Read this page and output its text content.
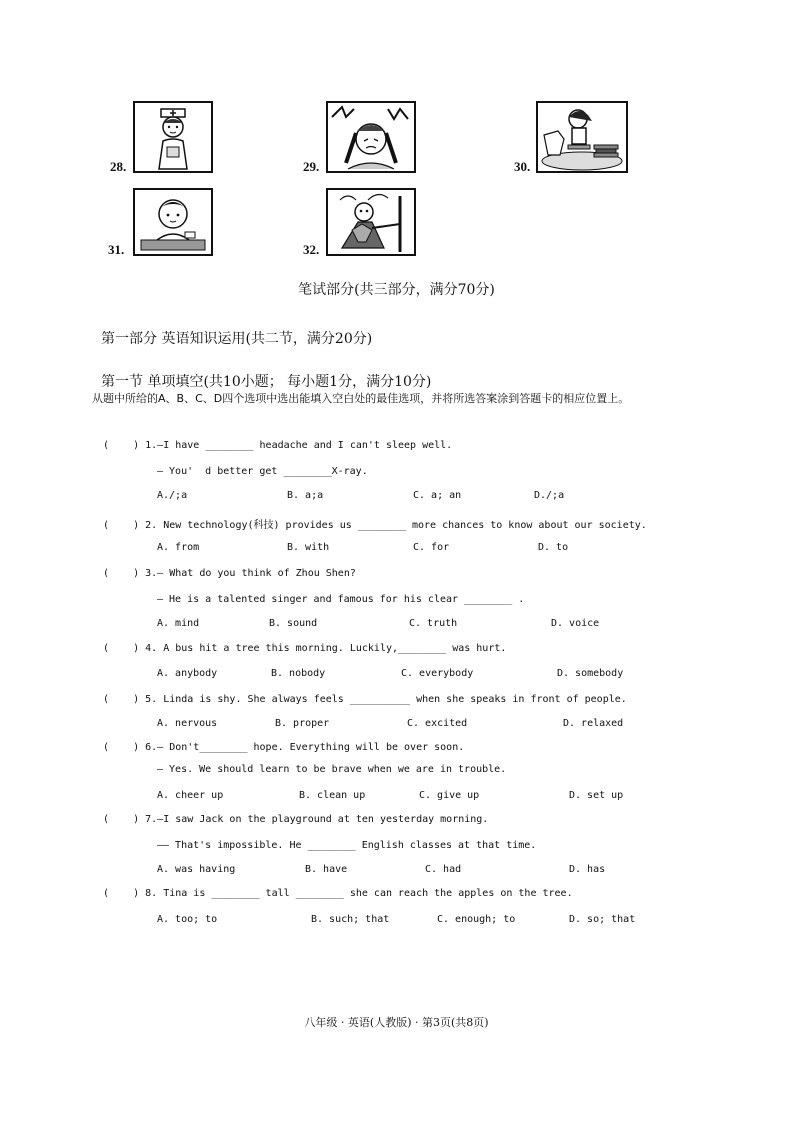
28.	29.	30.
31.	32.
笔试部分(共三部分，满分70分)
第一部分 英语知识运用(共二节，满分20分)
第一节 单项填空(共10小题； 每小题1分，满分10分)
从题中所给的A、B、C、D四个选项中选出能填入空白处的最佳选项，并将所选答案涂到答题卡的相应位置上。
(    ) 1.—I have ________ headache and I can't sleep well.
— You'  d better get ________X-ray.
A./;a	B. a;a	C. a; an	D./;a
(    ) 2. New technology(科技) provides us ________ more chances to know about our society.
A. from	B. with	C. for	D. to
(    ) 3.— What do you think of Zhou Shen?
— He is a talented singer and famous for his clear ________ .
A. mind	B. sound	C. truth	D. voice
(    ) 4. A bus hit a tree this morning. Luckily,________ was hurt.
A. anybody	B. nobody	C. everybody	D. somebody
(    ) 5. Linda is shy. She always feels __________ when she speaks in front of people.
A. nervous	B. proper	C. excited	D. relaxed
(    ) 6.— Don't________ hope. Everything will be over soon.
— Yes. We should learn to be brave when we are in trouble.
A. cheer up	B. clean up	C. give up	D. set up
(    ) 7.—I saw Jack on the playground at ten yesterday morning.
—— That's impossible. He ________ English classes at that time.
A. was having	B. have	C. had	D. has
(    ) 8. Tina is ________ tall ________ she can reach the apples on the tree.
A. too; to	B. such; that	C. enough; to	D. so; that
八年级 · 英语(人教版) · 第3页(共8页)
